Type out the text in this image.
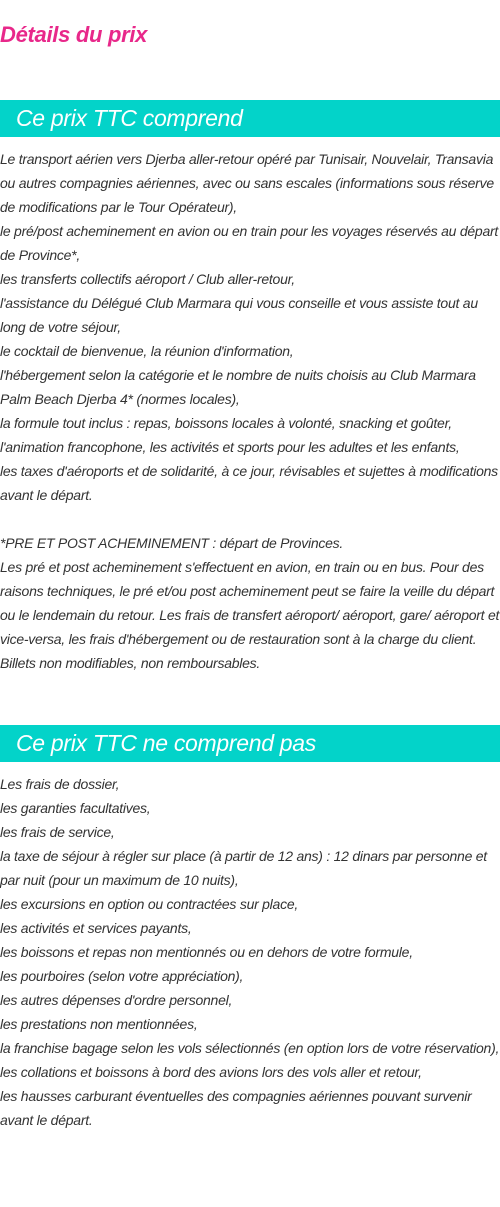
Détails du prix
Ce prix TTC comprend
Le transport aérien vers Djerba aller-retour opéré par Tunisair, Nouvelair, Transavia ou autres compagnies aériennes, avec ou sans escales (informations sous réserve de modifications par le Tour Opérateur),
le pré/post acheminement en avion ou en train pour les voyages réservés au départ de Province*,
les transferts collectifs aéroport / Club aller-retour,
l'assistance du Délégué Club Marmara qui vous conseille et vous assiste tout au long de votre séjour,
le cocktail de bienvenue, la réunion d'information,
l'hébergement selon la catégorie et le nombre de nuits choisis au Club Marmara Palm Beach Djerba 4* (normes locales),
la formule tout inclus : repas, boissons locales à volonté, snacking et goûter,
l'animation francophone, les activités et sports pour les adultes et les enfants,
les taxes d'aéroports et de solidarité, à ce jour, révisables et sujettes à modifications avant le départ.
*PRE ET POST ACHEMINEMENT : départ de Provinces.
Les pré et post acheminement s'effectuent en avion, en train ou en bus. Pour des raisons techniques, le pré et/ou post acheminement peut se faire la veille du départ ou le lendemain du retour. Les frais de transfert aéroport/ aéroport, gare/ aéroport et vice-versa, les frais d'hébergement ou de restauration sont à la charge du client. Billets non modifiables, non remboursables.
Ce prix TTC ne comprend pas
Les frais de dossier,
les garanties facultatives,
les frais de service,
la taxe de séjour à régler sur place (à partir de 12 ans) : 12 dinars par personne et par nuit (pour un maximum de 10 nuits),
les excursions en option ou contractées sur place,
les activités et services payants,
les boissons et repas non mentionnés ou en dehors de votre formule,
les pourboires (selon votre appréciation),
les autres dépenses d'ordre personnel,
les prestations non mentionnées,
la franchise bagage selon les vols sélectionnés (en option lors de votre réservation),
les collations et boissons à bord des avions lors des vols aller et retour,
les hausses carburant éventuelles des compagnies aériennes pouvant survenir avant le départ.
